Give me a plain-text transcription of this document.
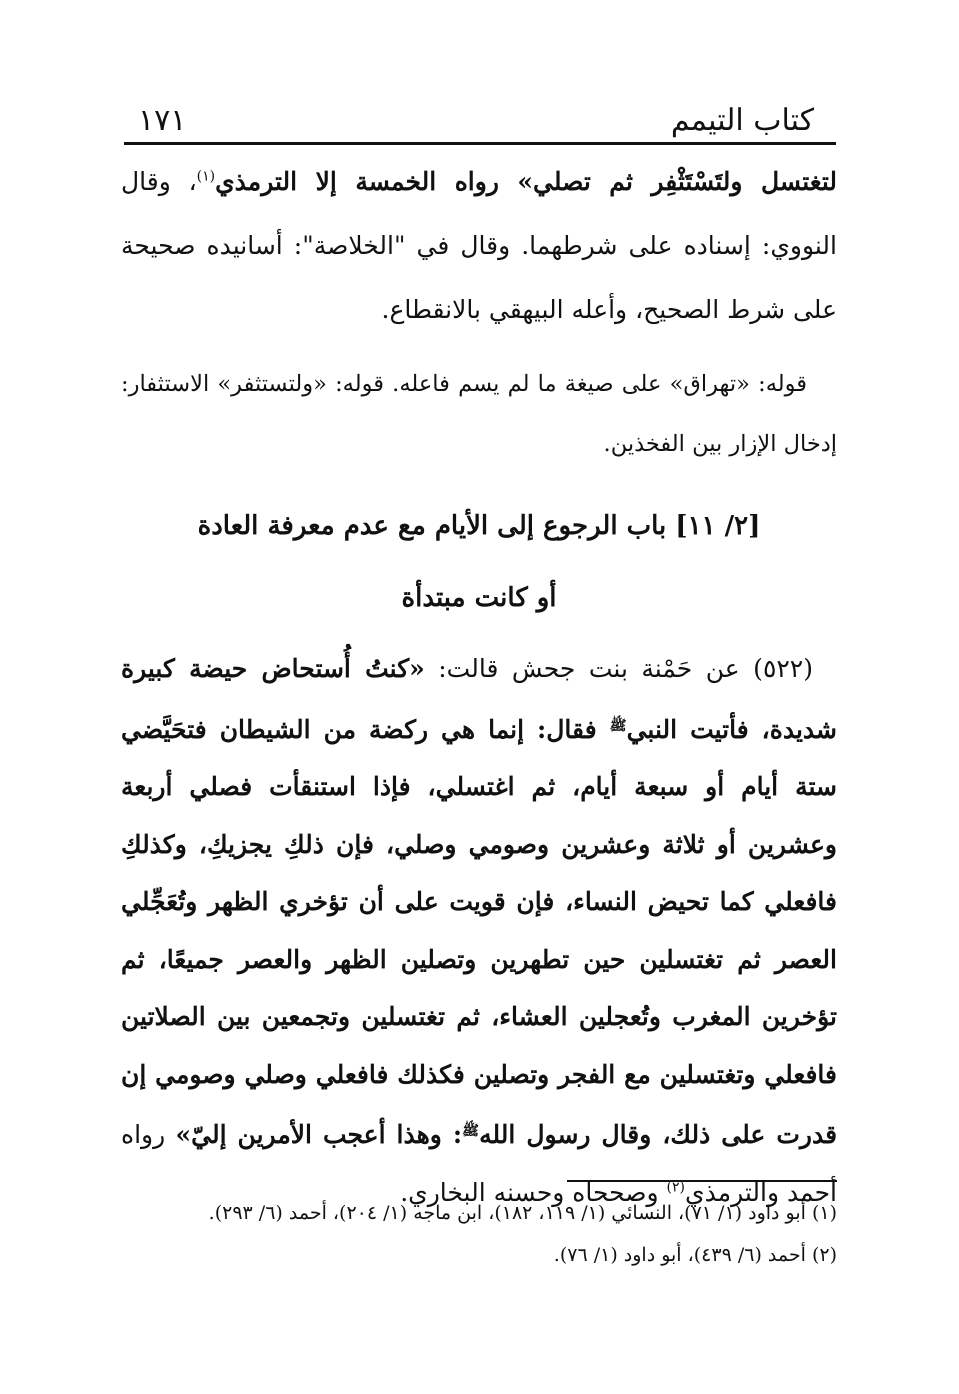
كتاب التيمم
١٧١

لتغتسل ولتَسْتَثْفِر ثم تصلي» رواه الخمسة إلا الترمذي$^{(١)}$، وقال النووي: إسناده على شرطهما. وقال في "الخلاصة": أسانيده صحيحة على شرط الصحيح، وأعله البيهقي بالانقطاع.

قوله: «تهراق» على صيغة ما لم يسم فاعله. قوله: «ولتستثفر» الاستثفار: إدخال الإزار بين الفخذين.

[٢/ ١١] باب الرجوع إلى الأيام مع عدم معرفة العادة

أو كانت مبتدأة

(٥٢٢) عن حَمْنة بنت جحش قالت: «كنتُ أُستحاض حيضة كبيرة شديدة، فأتيت النبي$^ﷺ$ فقال: إنما هي ركضة من الشيطان فتحَيَّضي ستة أيام أو سبعة أيام، ثم اغتسلي، فإذا استنقأت فصلي أربعة وعشرين أو ثلاثة وعشرين وصومي وصلي، فإن ذلكِ يجزيكِ، وكذلكِ فافعلي كما تحيض النساء، فإن قويت على أن تؤخري الظهر وتُعَجِّلي العصر ثم تغتسلين حين تطهرين وتصلين الظهر والعصر جميعًا، ثم تؤخرين المغرب وتُعجلين العشاء، ثم تغتسلين وتجمعين بين الصلاتين فافعلي وتغتسلين مع الفجر وتصلين فكذلك فافعلي وصلي وصومي إن قدرت على ذلك، وقال رسول الله$^ﷺ$: وهذا أعجب الأمرين إليّ» رواه أحمد والترمذي$^{(٢)}$ وصححاه وحسنه البخاري.

(١) أبو داود (١/ ٧١)، النسائي (١/ ١١٩، ١٨٢)، ابن ماجه (١/ ٢٠٤)، أحمد (٦/ ٢٩٣).
(٢) أحمد (٦/ ٤٣٩)، أبو داود (١/ ٧٦).
